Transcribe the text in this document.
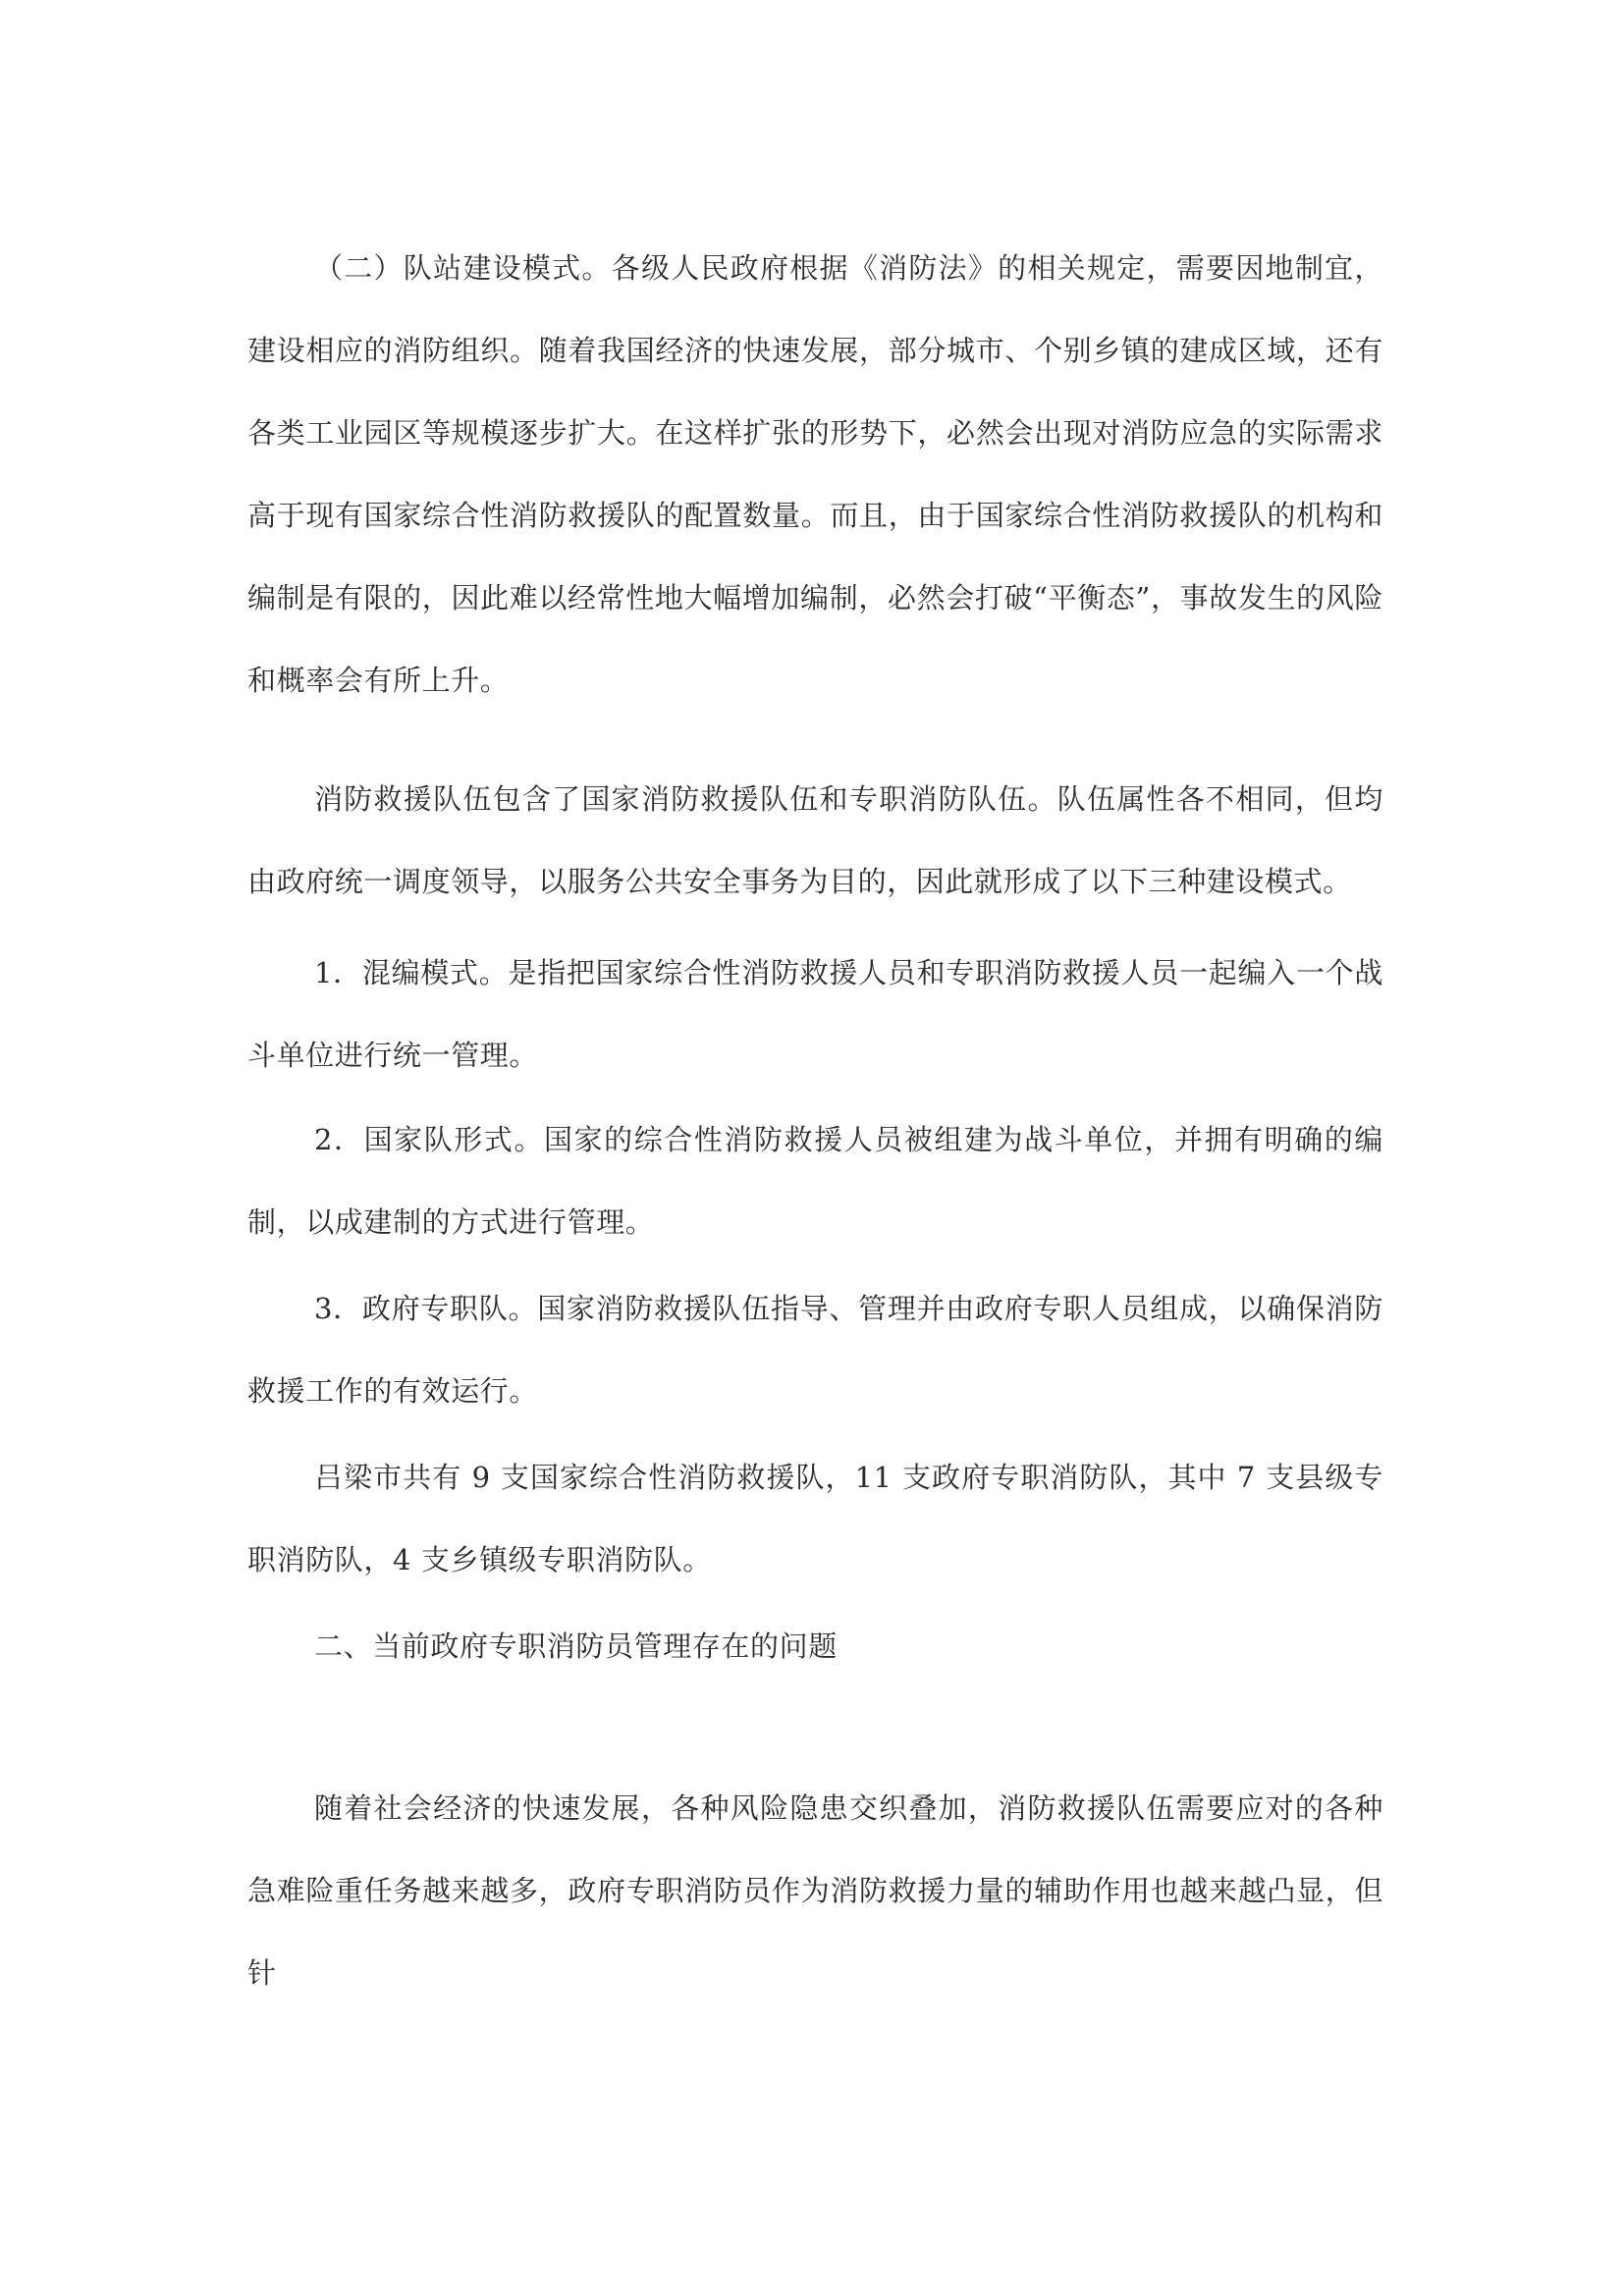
（二）队站建设模式。各级人民政府根据《消防法》的相关规定，需要因地制宜，建设相应的消防组织。随着我国经济的快速发展，部分城市、个别乡镇的建成区域，还有各类工业园区等规模逐步扩大。在这样扩张的形势下，必然会出现对消防应急的实际需求高于现有国家综合性消防救援队的配置数量。而且，由于国家综合性消防救援队的机构和编制是有限的，因此难以经常性地大幅增加编制，必然会打破“平衡态”，事故发生的风险和概率会有所上升。

消防救援队伍包含了国家消防救援队伍和专职消防队伍。队伍属性各不相同，但均由政府统一调度领导，以服务公共安全事务为目的，因此就形成了以下三种建设模式。

1．混编模式。是指把国家综合性消防救援人员和专职消防救援人员一起编入一个战斗单位进行统一管理。

2．国家队形式。国家的综合性消防救援人员被组建为战斗单位，并拥有明确的编制，以成建制的方式进行管理。

3．政府专职队。国家消防救援队伍指导、管理并由政府专职人员组成，以确保消防救援工作的有效运行。

吕梁市共有 9 支国家综合性消防救援队，11 支政府专职消防队，其中 7 支县级专职消防队，4 支乡镇级专职消防队。

二、当前政府专职消防员管理存在的问题

随着社会经济的快速发展，各种风险隐患交织叠加，消防救援队伍需要应对的各种急难险重任务越来越多，政府专职消防员作为消防救援力量的辅助作用也越来越凸显，但针
